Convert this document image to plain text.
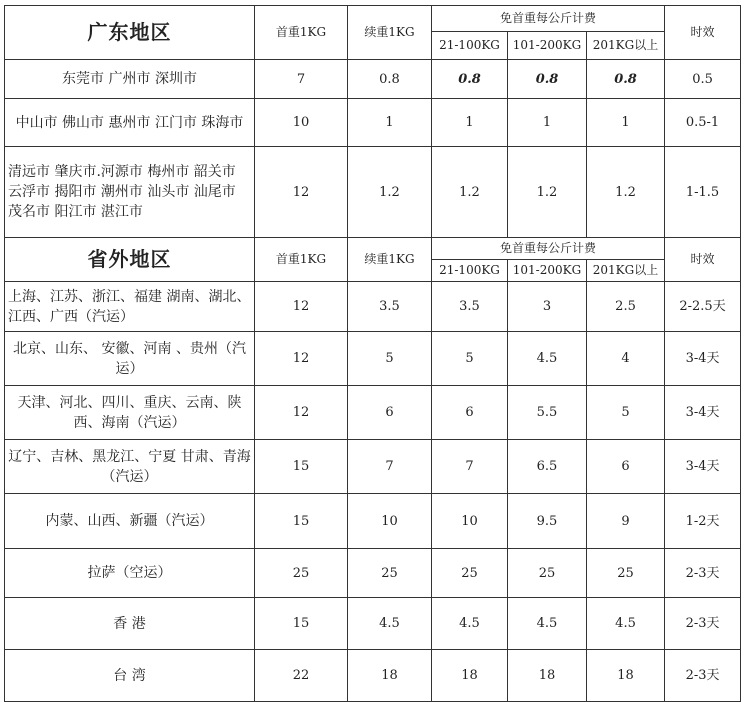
广东地区	首重1KG	续重1KG	免首重每公斤计费			时效
			21-100KG	101-200KG	201KG以上	
东莞市 广州市 深圳市	7	0.8	0.8	0.8	0.8	0.5
中山市 佛山市 惠州市 江门市 珠海市	10	1	1	1	1	0.5-1
清远市 肇庆市.河源市 梅州市 韶关市 云浮市 揭阳市 潮州市 汕头市 汕尾市 茂名市 阳江市 湛江市	12	1.2	1.2	1.2	1.2	1-1.5
省外地区	首重1KG	续重1KG	免首重每公斤计费			时效
			21-100KG	101-200KG	201KG以上	
上海、江苏、浙江、福建 湖南、湖北、江西、广西（汽运）	12	3.5	3.5	3	2.5	2-2.5天
北京、山东、 安徽、河南 、贵州（汽运）	12	5	5	4.5	4	3-4天
天津、河北、四川、重庆、云南、陕西、海南（汽运）	12	6	6	5.5	5	3-4天
辽宁、吉林、黑龙江、宁夏 甘肃、青海（汽运）	15	7	7	6.5	6	3-4天
内蒙、山西、新疆（汽运）	15	10	10	9.5	9	1-2天
拉萨（空运）	25	25	25	25	25	2-3天
香 港	15	4.5	4.5	4.5	4.5	2-3天
台 湾	22	18	18	18	18	2-3天
